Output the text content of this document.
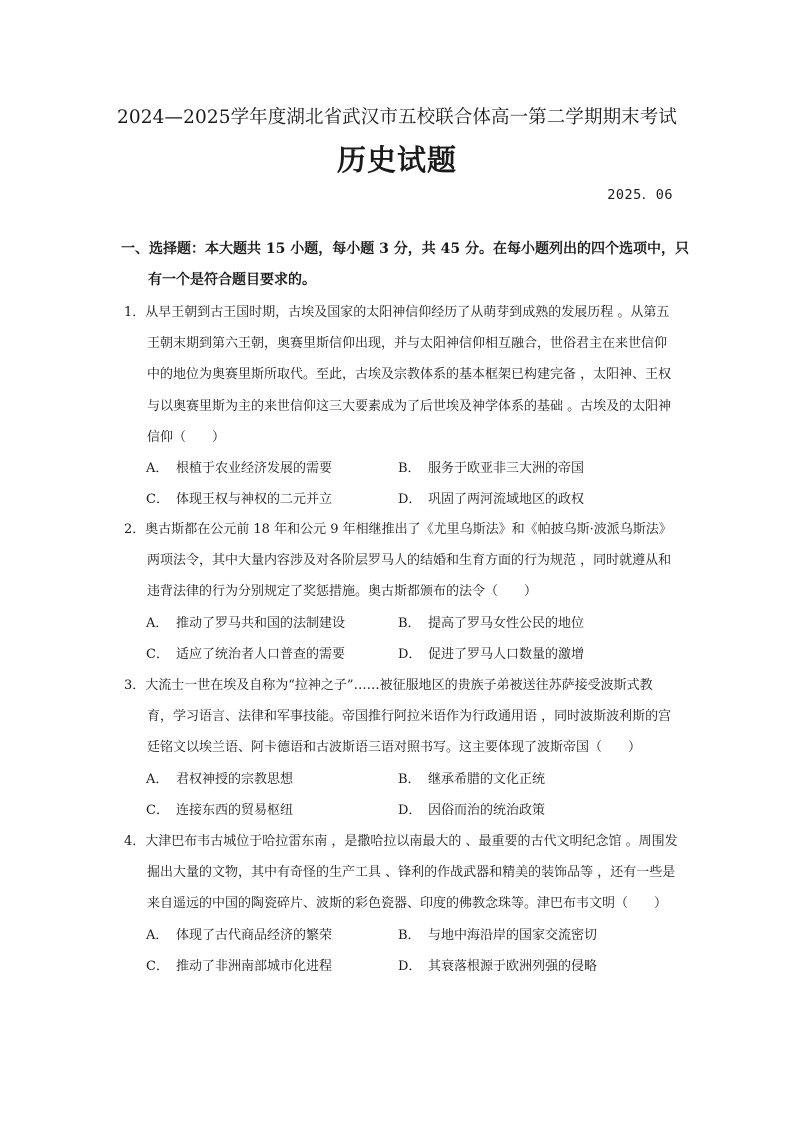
2024—2025学年度湖北省武汉市五校联合体高一第二学期期末考试
历史试题
2025．06
一、选择题：本大题共 15 小题，每小题 3 分，共 45 分。在每小题列出的四个选项中，只
有一个是符合题目要求的。
1．从早王朝到古王国时期，古埃及国家的太阳神信仰经历了从萌芽到成熟的发展历程 。从第五
王朝末期到第六王朝，奥赛里斯信仰出现，并与太阳神信仰相互融合，世俗君主在来世信仰
中的地位为奥赛里斯所取代。至此，古埃及宗教体系的基本框架已构建完备 ，太阳神、王权
与以奥赛里斯为主的来世信仰这三大要素成为了后世埃及神学体系的基础 。古埃及的太阳神
信仰（　　）
A． 根植于农业经济发展的需要	B． 服务于欧亚非三大洲的帝国
C． 体现王权与神权的二元并立	D． 巩固了两河流域地区的政权
2．奥古斯都在公元前 18 年和公元 9 年相继推出了《尤里乌斯法》和《帕披乌斯·波派乌斯法》
两项法令，其中大量内容涉及对各阶层罗马人的结婚和生育方面的行为规范 ，同时就遵从和
违背法律的行为分别规定了奖惩措施。奥古斯都颁布的法令（　　）
A． 推动了罗马共和国的法制建设	B． 提高了罗马女性公民的地位
C． 适应了统治者人口普查的需要	D． 促进了罗马人口数量的激增
3．大流士一世在埃及自称为“拉神之子”……被征服地区的贵族子弟被送往苏萨接受波斯式教
育，学习语言、法律和军事技能。帝国推行阿拉米语作为行政通用语 ，同时波斯波利斯的宫
廷铭文以埃兰语、阿卡德语和古波斯语三语对照书写。这主要体现了波斯帝国（　　）
A． 君权神授的宗教思想	B． 继承希腊的文化正统
C． 连接东西的贸易枢纽	D． 因俗而治的统治政策
4．大津巴布韦古城位于哈拉雷东南 ，是撒哈拉以南最大的 、最重要的古代文明纪念馆 。周围发
掘出大量的文物，其中有奇怪的生产工具 、锋利的作战武器和精美的装饰品等 ，还有一些是
来自遥远的中国的陶瓷碎片、波斯的彩色瓷器、印度的佛教念珠等。津巴布韦文明（　　）
A． 体现了古代商品经济的繁荣	B． 与地中海沿岸的国家交流密切
C． 推动了非洲南部城市化进程	D． 其衰落根源于欧洲列强的侵略
